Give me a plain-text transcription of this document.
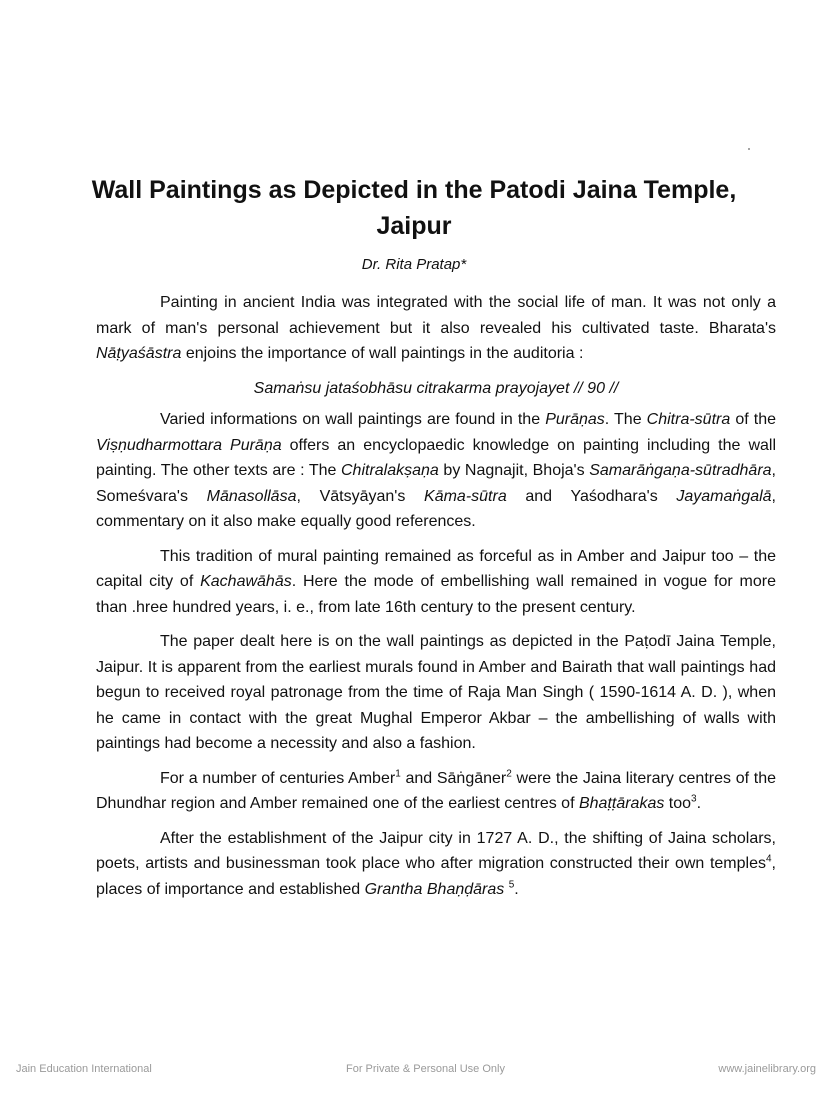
Wall Paintings as Depicted in the Patodi Jaina Temple, Jaipur
Dr. Rita Pratap*

Painting in ancient India was integrated with the social life of man. It was not only a mark of man's personal achievement but it also revealed his cultivated taste. Bharata's Nāṭyaśāstra enjoins the importance of wall paintings in the auditoria :

Samaṅsu jataśobhāsu citrakarma prayojayet // 90 //

Varied informations on wall paintings are found in the Purāṇas. The Chitra-sūtra of the Viṣṇudharmottara Purāṇa offers an encyclopaedic knowledge on painting including the wall painting. The other texts are : The Chitralakṣaṇa by Nagnajit, Bhoja's Samarāṅgaṇa-sūtradhāra, Someśvara's Mānasollāsa, Vātsyāyan's Kāma-sūtra and Yaśodhara's Jayamaṅgalā, commentary on it also make equally good references.

This tradition of mural painting remained as forceful as in Amber and Jaipur too – the capital city of Kachawāhās. Here the mode of embellishing wall remained in vogue for more than .hree hundred years, i. e., from late 16th century to the present century.

The paper dealt here is on the wall paintings as depicted in the Paṭodī Jaina Temple, Jaipur. It is apparent from the earliest murals found in Amber and Bairath that wall paintings had begun to received royal patronage from the time of Raja Man Singh ( 1590-1614 A. D. ), when he came in contact with the great Mughal Emperor Akbar – the ambellishing of walls with paintings had become a necessity and also a fashion.

For a number of centuries Amber$^1$ and Sāṅgāner$^2$ were the Jaina literary centres of the Dhundhar region and Amber remained one of the earliest centres of Bhaṭṭārakas too$^3$.

After the establishment of the Jaipur city in 1727 A. D., the shifting of Jaina scholars, poets, artists and businessman took place who after migration constructed their own temples$^4$, places of importance and established Grantha Bhaṇḍāras $^5$.

Jain Education International	For Private & Personal Use Only	www.jainelibrary.org
